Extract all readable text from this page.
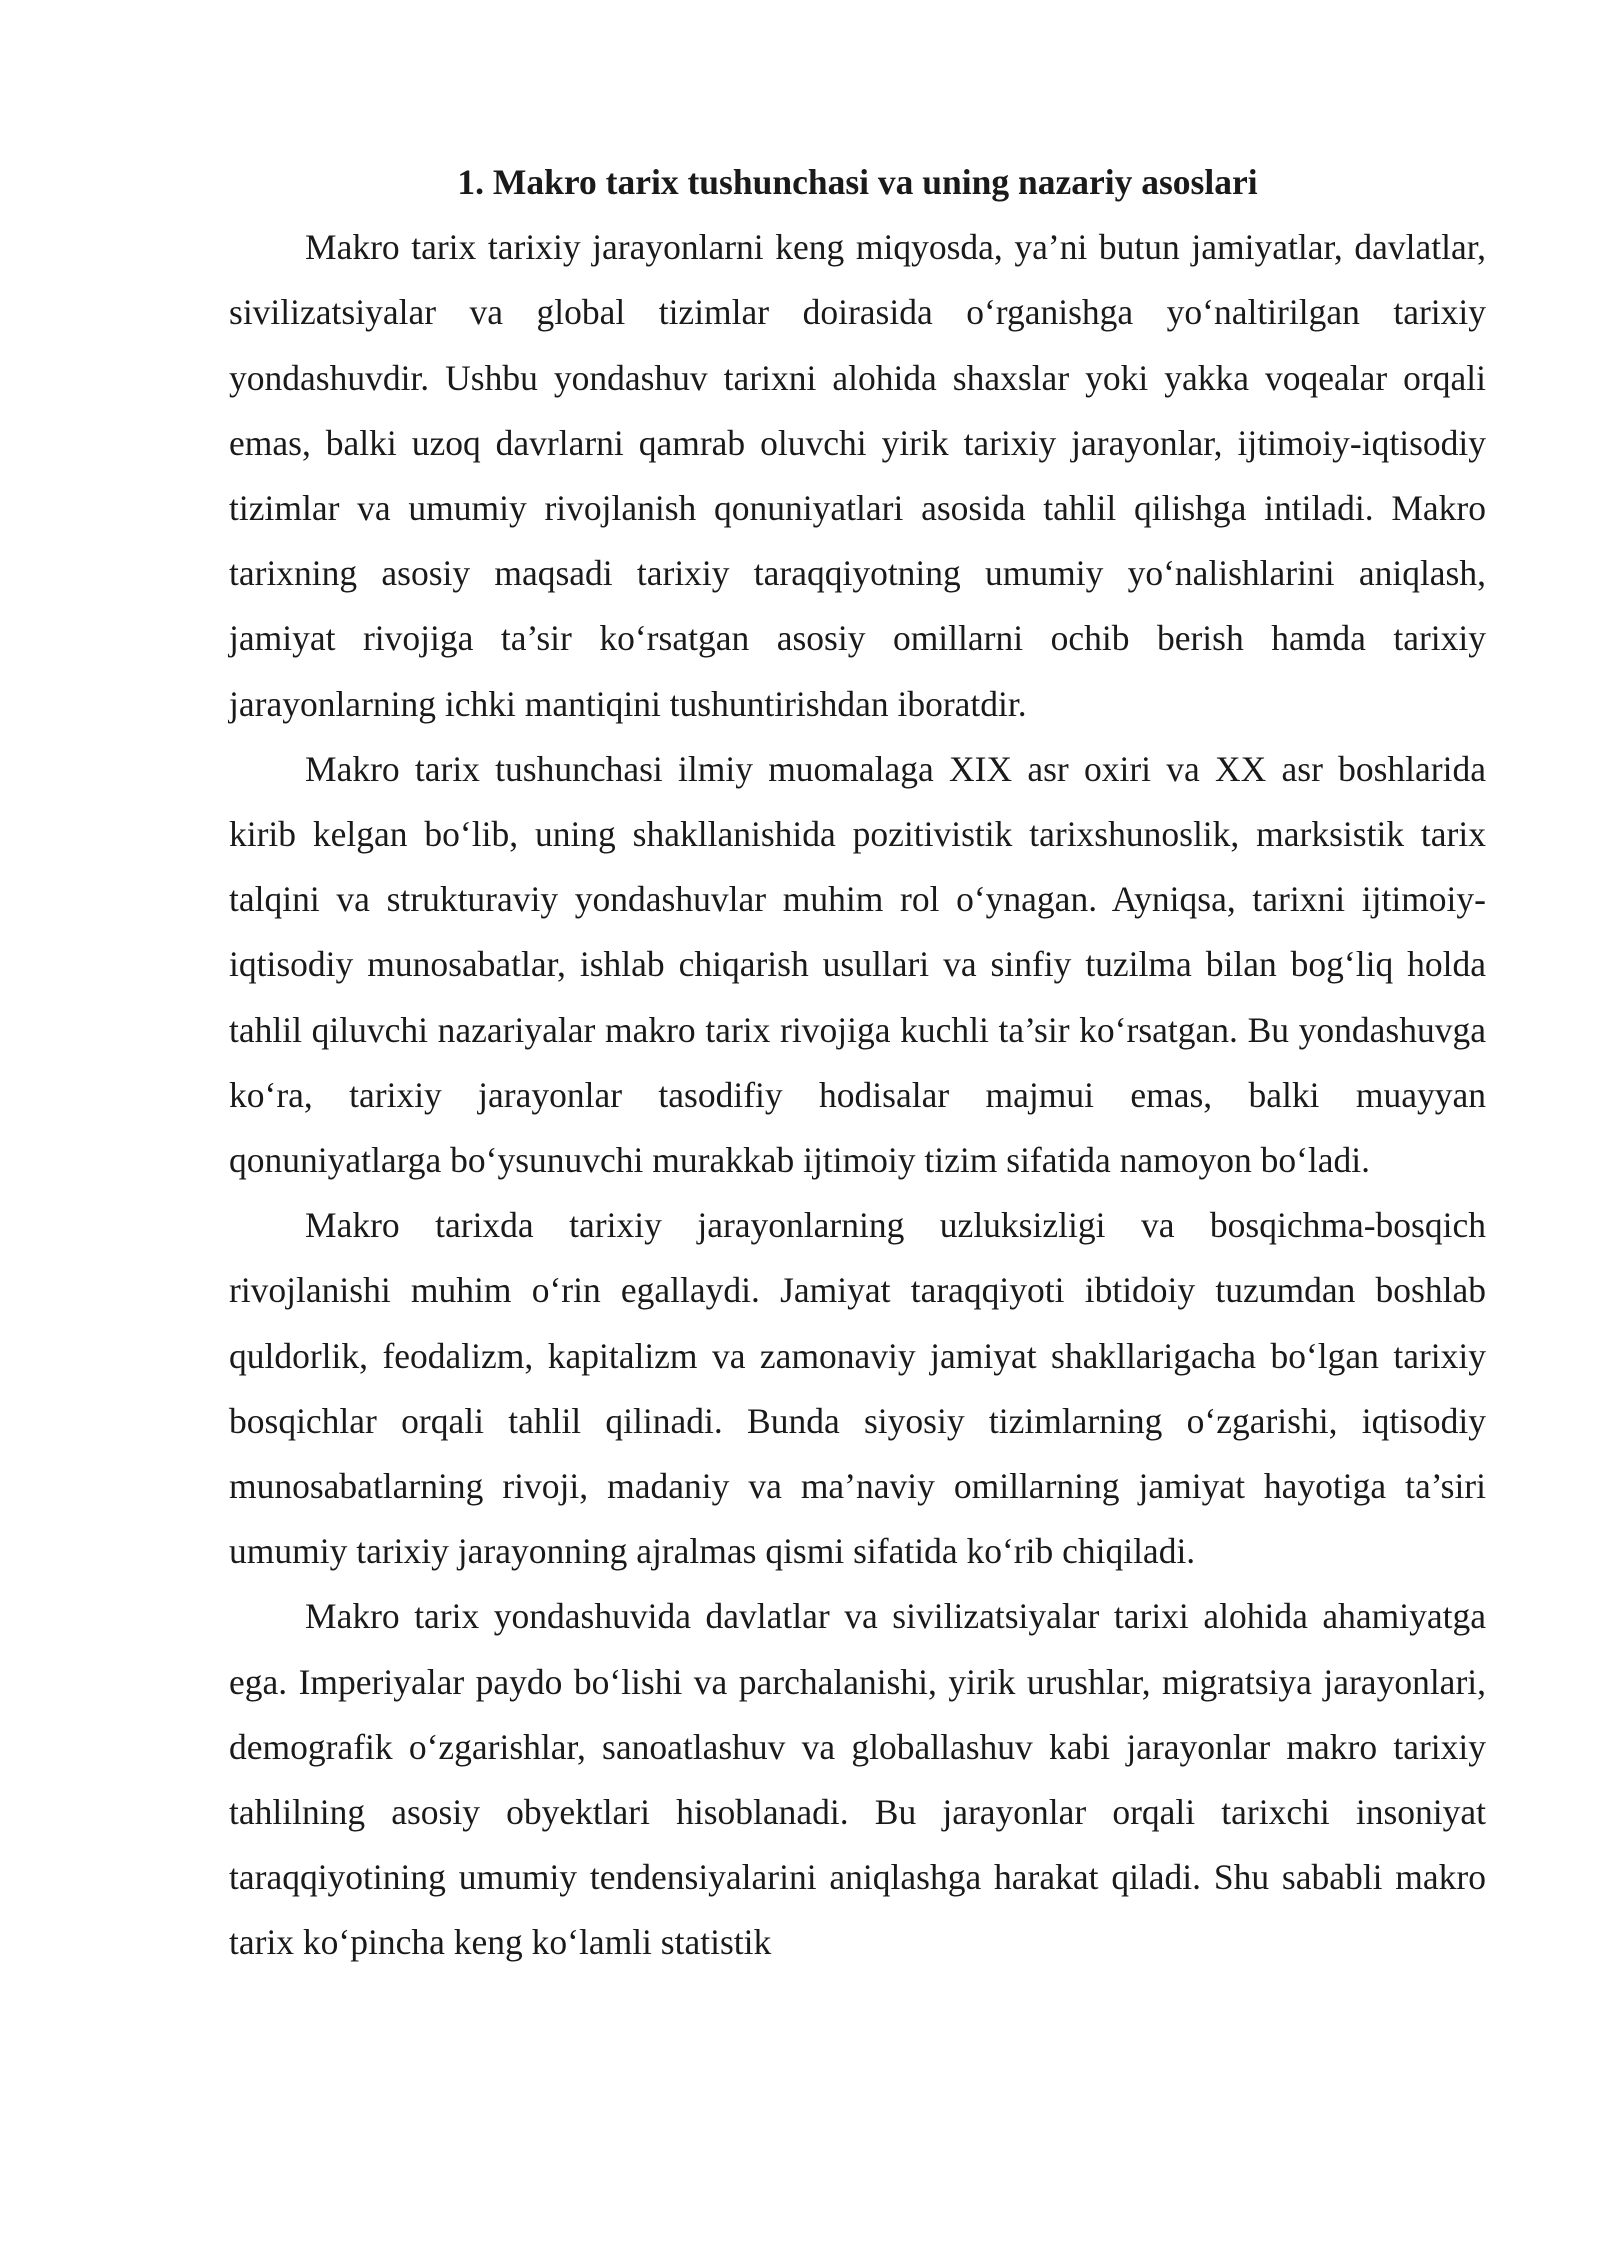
1. Makro tarix tushunchasi va uning nazariy asoslari

Makro tarix tarixiy jarayonlarni keng miqyosda, ya’ni butun jamiyatlar, davlatlar, sivilizatsiyalar va global tizimlar doirasida o‘rganishga yo‘naltirilgan tarixiy yondashuvdir. Ushbu yondashuv tarixni alohida shaxslar yoki yakka voqealar orqali emas, balki uzoq davrlarni qamrab oluvchi yirik tarixiy jarayonlar, ijtimoiy-iqtisodiy tizimlar va umumiy rivojlanish qonuniyatlari asosida tahlil qilishga intiladi. Makro tarixning asosiy maqsadi tarixiy taraqqiyotning umumiy yo‘nalishlarini aniqlash, jamiyat rivojiga ta’sir ko‘rsatgan asosiy omillarni ochib berish hamda tarixiy jarayonlarning ichki mantiqini tushuntirishdan iboratdir.

Makro tarix tushunchasi ilmiy muomalaga XIX asr oxiri va XX asr boshlarida kirib kelgan bo‘lib, uning shakllanishida pozitivistik tarixshunoslik, marksistik tarix talqini va strukturaviy yondashuvlar muhim rol o‘ynagan. Ayniqsa, tarixni ijtimoiy-iqtisodiy munosabatlar, ishlab chiqarish usullari va sinfiy tuzilma bilan bog‘liq holda tahlil qiluvchi nazariyalar makro tarix rivojiga kuchli ta’sir ko‘rsatgan. Bu yondashuvga ko‘ra, tarixiy jarayonlar tasodifiy hodisalar majmui emas, balki muayyan qonuniyatlarga bo‘ysunuvchi murakkab ijtimoiy tizim sifatida namoyon bo‘ladi.

Makro tarixda tarixiy jarayonlarning uzluksizligi va bosqichma-bosqich rivojlanishi muhim o‘rin egallaydi. Jamiyat taraqqiyoti ibtidoiy tuzumdan boshlab quldorlik, feodalizm, kapitalizm va zamonaviy jamiyat shakllarigacha bo‘lgan tarixiy bosqichlar orqali tahlil qilinadi. Bunda siyosiy tizimlarning o‘zgarishi, iqtisodiy munosabatlarning rivoji, madaniy va ma’naviy omillarning jamiyat hayotiga ta’siri umumiy tarixiy jarayonning ajralmas qismi sifatida ko‘rib chiqiladi.

Makro tarix yondashuvida davlatlar va sivilizatsiyalar tarixi alohida ahamiyatga ega. Imperiyalar paydo bo‘lishi va parchalanishi, yirik urushlar, migratsiya jarayonlari, demografik o‘zgarishlar, sanoatlashuv va globallashuv kabi jarayonlar makro tarixiy tahlilning asosiy obyektlari hisoblanadi. Bu jarayonlar orqali tarixchi insoniyat taraqqiyotining umumiy tendensiyalarini aniqlashga harakat qiladi. Shu sababli makro tarix ko‘pincha keng ko‘lamli statistik
